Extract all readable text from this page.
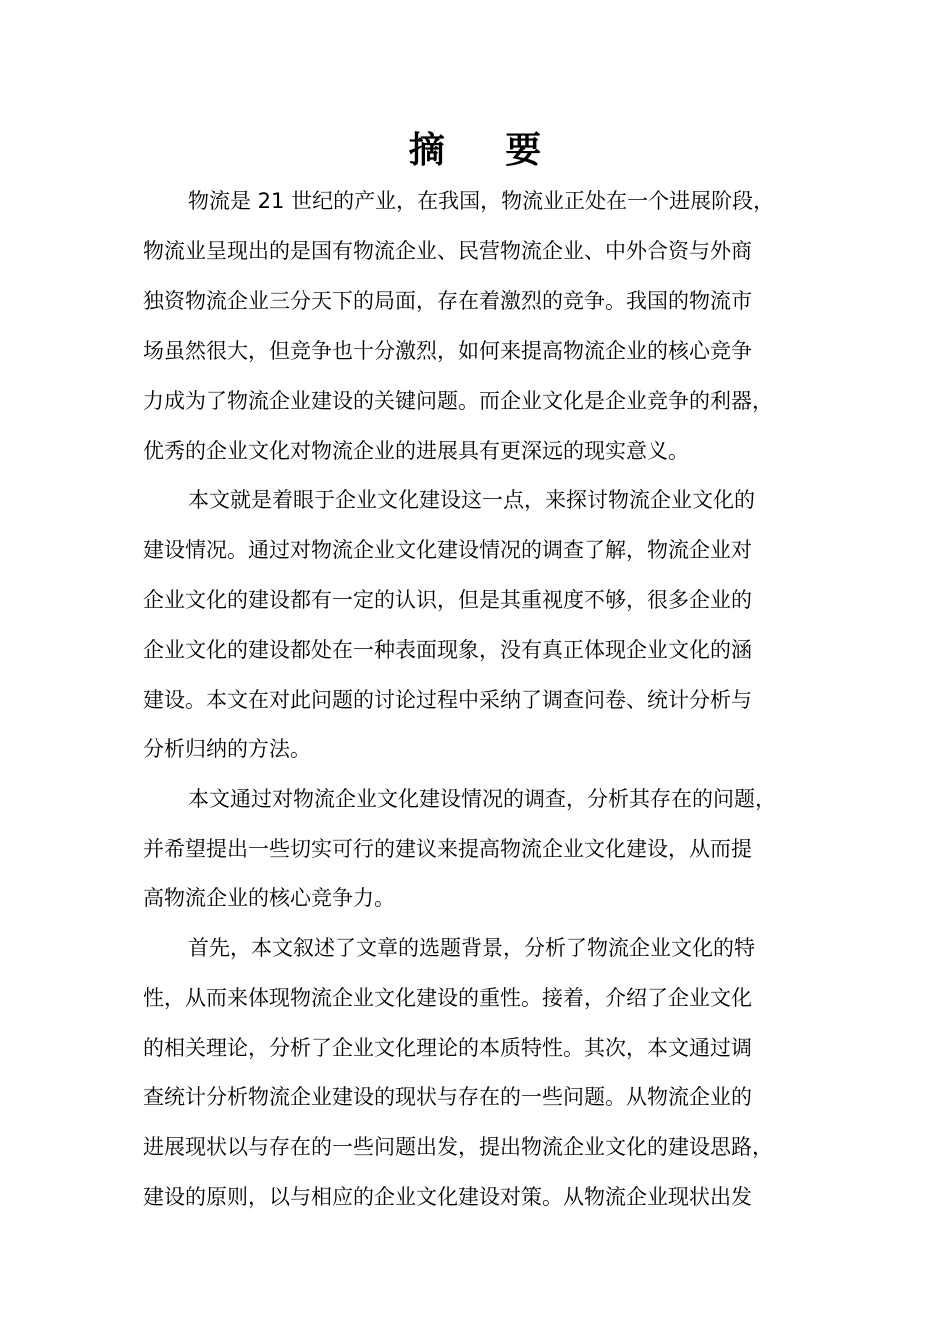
摘 要
物流是 21 世纪的产业，在我国，物流业正处在一个进展阶段，
物流业呈现出的是国有物流企业、民营物流企业、中外合资与外商
独资物流企业三分天下的局面，存在着激烈的竞争。我国的物流市
场虽然很大，但竞争也十分激烈，如何来提高物流企业的核心竞争
力成为了物流企业建设的关键问题。而企业文化是企业竞争的利器，
优秀的企业文化对物流企业的进展具有更深远的现实意义。
本文就是着眼于企业文化建设这一点，来探讨物流企业文化的
建设情况。通过对物流企业文化建设情况的调查了解，物流企业对
企业文化的建设都有一定的认识，但是其重视度不够，很多企业的
企业文化的建设都处在一种表面现象，没有真正体现企业文化的涵
建设。本文在对此问题的讨论过程中采纳了调查问卷、统计分析与
分析归纳的方法。
本文通过对物流企业文化建设情况的调查，分析其存在的问题，
并希望提出一些切实可行的建议来提高物流企业文化建设，从而提
高物流企业的核心竞争力。
首先，本文叙述了文章的选题背景，分析了物流企业文化的特
性，从而来体现物流企业文化建设的重性。接着，介绍了企业文化
的相关理论，分析了企业文化理论的本质特性。其次，本文通过调
查统计分析物流企业建设的现状与存在的一些问题。从物流企业的
进展现状以与存在的一些问题出发，提出物流企业文化的建设思路，
建设的原则，以与相应的企业文化建设对策。从物流企业现状出发
